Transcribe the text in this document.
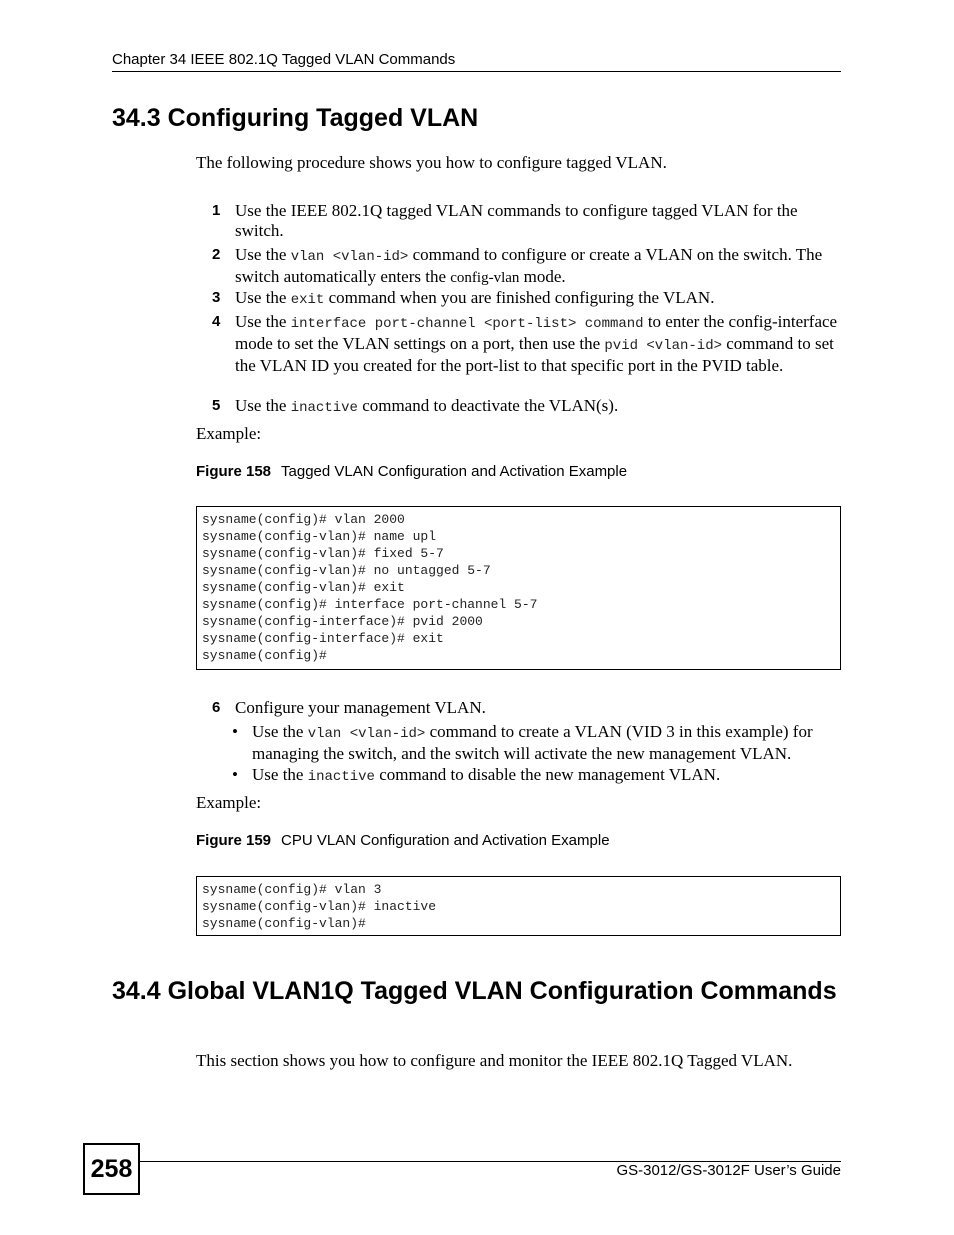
Chapter 34 IEEE 802.1Q Tagged VLAN Commands
34.3 Configuring Tagged VLAN
The following procedure shows you how to configure tagged VLAN.
1 Use the IEEE 802.1Q tagged VLAN commands to configure tagged VLAN for the switch.
2 Use the vlan <vlan-id> command to configure or create a VLAN on the switch. The switch automatically enters the config-vlan mode.
3 Use the exit command when you are finished configuring the VLAN.
4 Use the interface port-channel <port-list> command to enter the config-interface mode to set the VLAN settings on a port, then use the pvid <vlan-id> command to set the VLAN ID you created for the port-list to that specific port in the PVID table.
5 Use the inactive command to deactivate the VLAN(s).
Example:
Figure 158 Tagged VLAN Configuration and Activation Example
sysname(config)# vlan 2000
sysname(config-vlan)# name upl
sysname(config-vlan)# fixed 5-7
sysname(config-vlan)# no untagged 5-7
sysname(config-vlan)# exit
sysname(config)# interface port-channel 5-7
sysname(config-interface)# pvid 2000
sysname(config-interface)# exit
sysname(config)#
6 Configure your management VLAN.
• Use the vlan <vlan-id> command to create a VLAN (VID 3 in this example) for managing the switch, and the switch will activate the new management VLAN.
• Use the inactive command to disable the new management VLAN.
Example:
Figure 159 CPU VLAN Configuration and Activation Example
sysname(config)# vlan 3
sysname(config-vlan)# inactive
sysname(config-vlan)#
34.4 Global VLAN1Q Tagged VLAN Configuration Commands
This section shows you how to configure and monitor the IEEE 802.1Q Tagged VLAN.
258	GS-3012/GS-3012F User’s Guide
